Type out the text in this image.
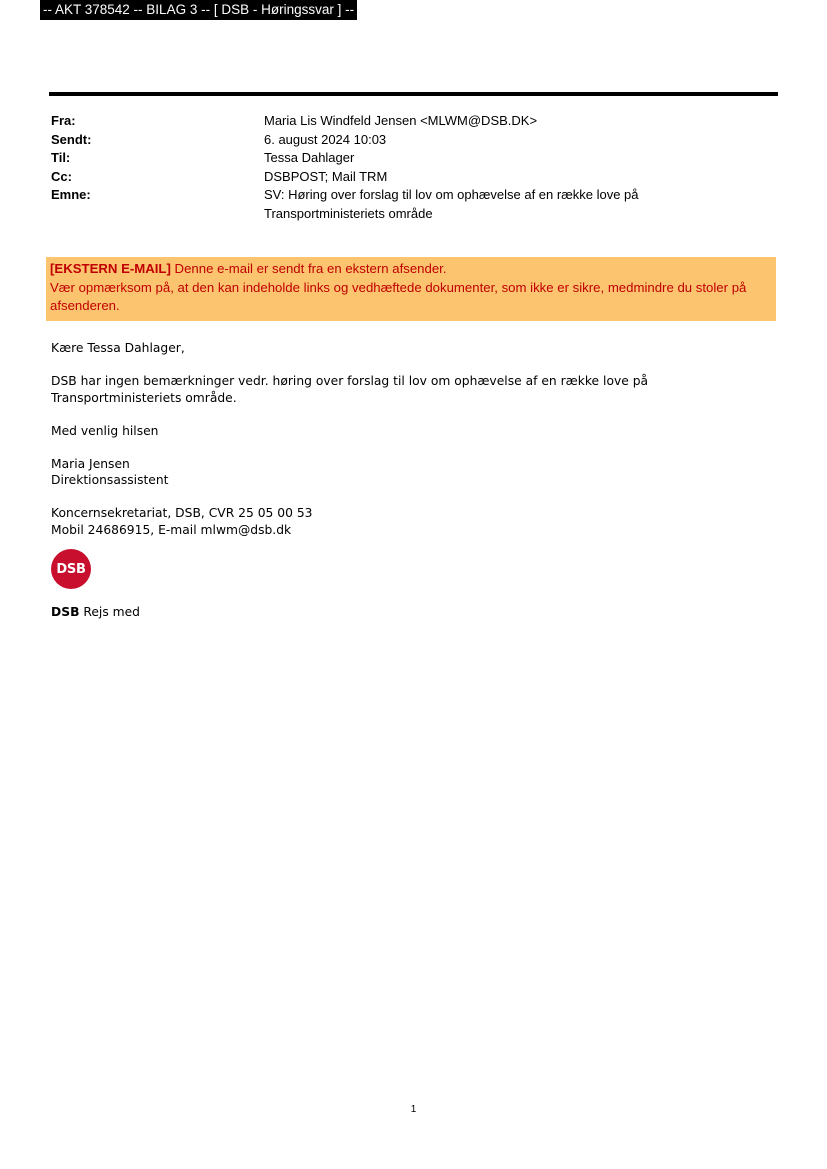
-- AKT 378542 -- BILAG 3 -- [ DSB - Høringssvar ] --
Fra:	Maria Lis Windfeld Jensen <MLWM@DSB.DK>
Sendt:	6. august 2024 10:03
Til:	Tessa Dahlager
Cc:	DSBPOST; Mail TRM
Emne:	SV: Høring over forslag til lov om ophævelse af en række love på Transportministeriets område
[EKSTERN E-MAIL] Denne e-mail er sendt fra en ekstern afsender.
Vær opmærksom på, at den kan indeholde links og vedhæftede dokumenter, som ikke er sikre, medmindre du stoler på afsenderen.

Kære Tessa Dahlager,

DSB har ingen bemærkninger vedr. høring over forslag til lov om ophævelse af en række love på Transportministeriets område.

Med venlig hilsen

Maria Jensen

Direktionsassistent

Koncernsekretariat, DSB, CVR 25 05 00 53

Mobil 24686915, E-mail mlwm@dsb.dk

DSB
DSB Rejs med
1
